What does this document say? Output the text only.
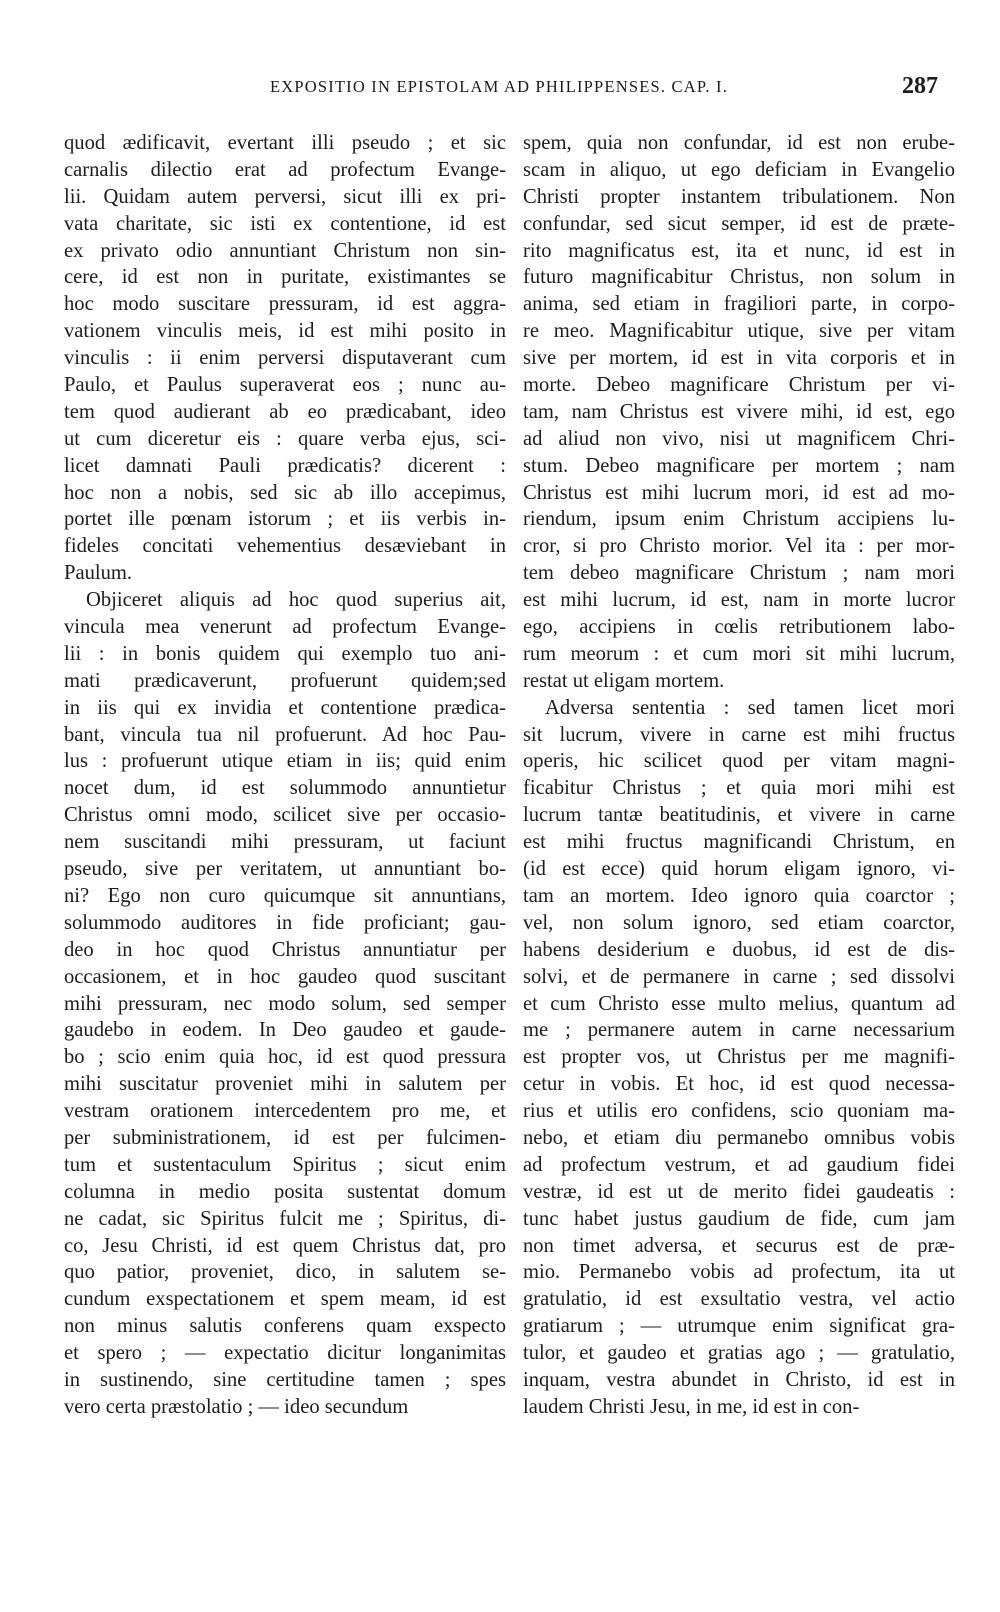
EXPOSITIO IN EPISTOLAM AD PHILIPPENSES. CAP. I.	287
quod ædificavit, evertant illi pseudo ; et sic
carnalis dilectio erat ad profectum Evange-
lii. Quidam autem perversi, sicut illi ex pri-
vata charitate, sic isti ex contentione, id est
ex privato odio annuntiant Christum non sin-
cere, id est non in puritate, existimantes se
hoc modo suscitare pressuram, id est aggra-
vationem vinculis meis, id est mihi posito in
vinculis : ii enim perversi disputaverant cum
Paulo, et Paulus superaverat eos ; nunc au-
tem quod audierant ab eo prædicabant, ideo
ut cum diceretur eis : quare verba ejus, sci-
licet damnati Pauli prædicatis? dicerent :
hoc non a nobis, sed sic ab illo accepimus,
portet ille pœnam istorum ; et iis verbis in-
fideles concitati vehementius desæviebant in
Paulum.
Objiceret aliquis ad hoc quod superius ait,
vincula mea venerunt ad profectum Evange-
lii : in bonis quidem qui exemplo tuo ani-
mati prædicaverunt, profuerunt quidem;sed
in iis qui ex invidia et contentione prædica-
bant, vincula tua nil profuerunt. Ad hoc Pau-
lus : profuerunt utique etiam in iis; quid enim
nocet dum, id est solummodo annuntietur
Christus omni modo, scilicet sive per occasio-
nem suscitandi mihi pressuram, ut faciunt
pseudo, sive per veritatem, ut annuntiant bo-
ni? Ego non curo quicumque sit annuntians,
solummodo auditores in fide proficiant; gau-
deo in hoc quod Christus annuntiatur per
occasionem, et in hoc gaudeo quod suscitant
mihi pressuram, nec modo solum, sed semper
gaudebo in eodem. In Deo gaudeo et gaude-
bo ; scio enim quia hoc, id est quod pressura
mihi suscitatur proveniet mihi in salutem per
vestram orationem intercedentem pro me, et
per subministrationem, id est per fulcimen-
tum et sustentaculum Spiritus ; sicut enim
columna in medio posita sustentat domum
ne cadat, sic Spiritus fulcit me ; Spiritus, di-
co, Jesu Christi, id est quem Christus dat, pro
quo patior, proveniet, dico, in salutem se-
cundum exspectationem et spem meam, id est
non minus salutis conferens quam exspecto
et spero ; — expectatio dicitur longanimitas
in sustinendo, sine certitudine tamen ; spes
vero certa præstolatio ; — ideo secundum
spem, quia non confundar, id est non erube-
scam in aliquo, ut ego deficiam in Evangelio
Christi propter instantem tribulationem. Non
confundar, sed sicut semper, id est de præte-
rito magnificatus est, ita et nunc, id est in
futuro magnificabitur Christus, non solum in
anima, sed etiam in fragiliori parte, in corpo-
re meo. Magnificabitur utique, sive per vitam
sive per mortem, id est in vita corporis et in
morte. Debeo magnificare Christum per vi-
tam, nam Christus est vivere mihi, id est, ego
ad aliud non vivo, nisi ut magnificem Chri-
stum. Debeo magnificare per mortem ; nam
Christus est mihi lucrum mori, id est ad mo-
riendum, ipsum enim Christum accipiens lu-
cror, si pro Christo morior. Vel ita : per mor-
tem debeo magnificare Christum ; nam mori
est mihi lucrum, id est, nam in morte lucror
ego, accipiens in cœlis retributionem labo-
rum meorum : et cum mori sit mihi lucrum,
restat ut eligam mortem.
Adversa sententia : sed tamen licet mori
sit lucrum, vivere in carne est mihi fructus
operis, hic scilicet quod per vitam magni-
ficabitur Christus ; et quia mori mihi est
lucrum tantæ beatitudinis, et vivere in carne
est mihi fructus magnificandi Christum, en
(id est ecce) quid horum eligam ignoro, vi-
tam an mortem. Ideo ignoro quia coarctor ;
vel, non solum ignoro, sed etiam coarctor,
habens desiderium e duobus, id est de dis-
solvi, et de permanere in carne ; sed dissolvi
et cum Christo esse multo melius, quantum ad
me ; permanere autem in carne necessarium
est propter vos, ut Christus per me magnifi-
cetur in vobis. Et hoc, id est quod necessa-
rius et utilis ero confidens, scio quoniam ma-
nebo, et etiam diu permanebo omnibus vobis
ad profectum vestrum, et ad gaudium fidei
vestræ, id est ut de merito fidei gaudeatis :
tunc habet justus gaudium de fide, cum jam
non timet adversa, et securus est de præ-
mio. Permanebo vobis ad profectum, ita ut
gratulatio, id est exsultatio vestra, vel actio
gratiarum ; — utrumque enim significat gra-
tulor, et gaudeo et gratias ago ; — gratulatio,
inquam, vestra abundet in Christo, id est in
laudem Christi Jesu, in me, id est in con-
